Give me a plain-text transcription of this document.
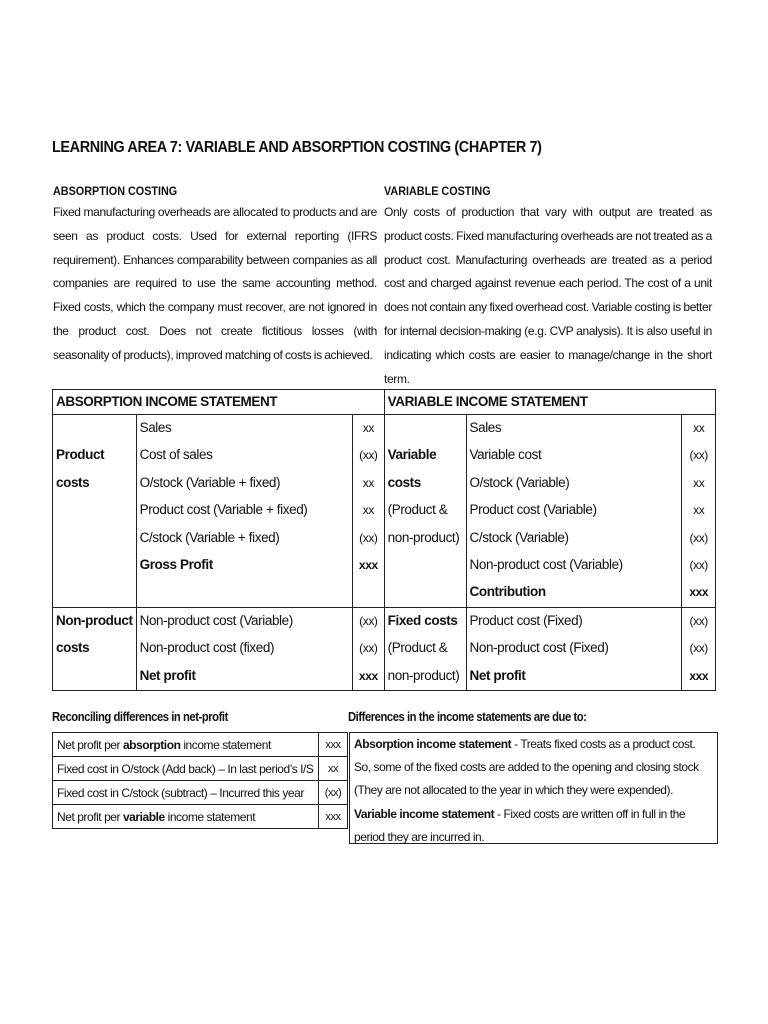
LEARNING AREA 7: VARIABLE AND ABSORPTION COSTING (CHAPTER 7)
ABSORPTION COSTING

Fixed manufacturing overheads are allocated to products and are seen as product costs. Used for external reporting (IFRS requirement). Enhances comparability between companies as all companies are required to use the same accounting method. Fixed costs, which the company must recover, are not ignored in the product cost. Does not create fictitious losses (with seasonality of products), improved matching of costs is achieved.

VARIABLE COSTING

Only costs of production that vary with output are treated as product costs. Fixed manufacturing overheads are not treated as a product cost. Manufacturing overheads are treated as a period cost and charged against revenue each period. The cost of a unit does not contain any fixed overhead cost. Variable costing is better for internal decision-making (e.g. CVP analysis). It is also useful in indicating which costs are easier to manage/change in the short term.

ABSORPTION INCOME STATEMENT			VARIABLE INCOME STATEMENT		
	Sales	xx		Sales	xx
Product	Cost of sales	(xx)	Variable	Variable cost	(xx)
costs	O/stock (Variable + fixed)	xx	costs	O/stock (Variable)	xx
	Product cost (Variable + fixed)	xx	(Product &	Product cost (Variable)	xx
	C/stock (Variable + fixed)	(xx)	non-product)	C/stock (Variable)	(xx)
	Gross Profit	xxx		Non-product cost (Variable)	(xx)
				Contribution	xxx
Non-product	Non-product cost (Variable)	(xx)	Fixed costs	Product cost (Fixed)	(xx)
costs	Non-product cost (fixed)	(xx)	(Product &	Non-product cost (Fixed)	(xx)
	Net profit	xxx	non-product)	Net profit	xxx
Reconciling differences in net-profit	Differences in the income statements are due to:
Net profit per absorption income statement	xxx
Fixed cost in O/stock (Add back) – In last period’s I/S	xx
Fixed cost in C/stock (subtract) – Incurred this year	(xx)
Net profit per variable income statement	xxx

Absorption income statement - Treats fixed costs as a product cost. So, some of the fixed costs are added to the opening and closing stock (They are not allocated to the year in which they were expended).

Variable income statement - Fixed costs are written off in full in the period they are incurred in.
